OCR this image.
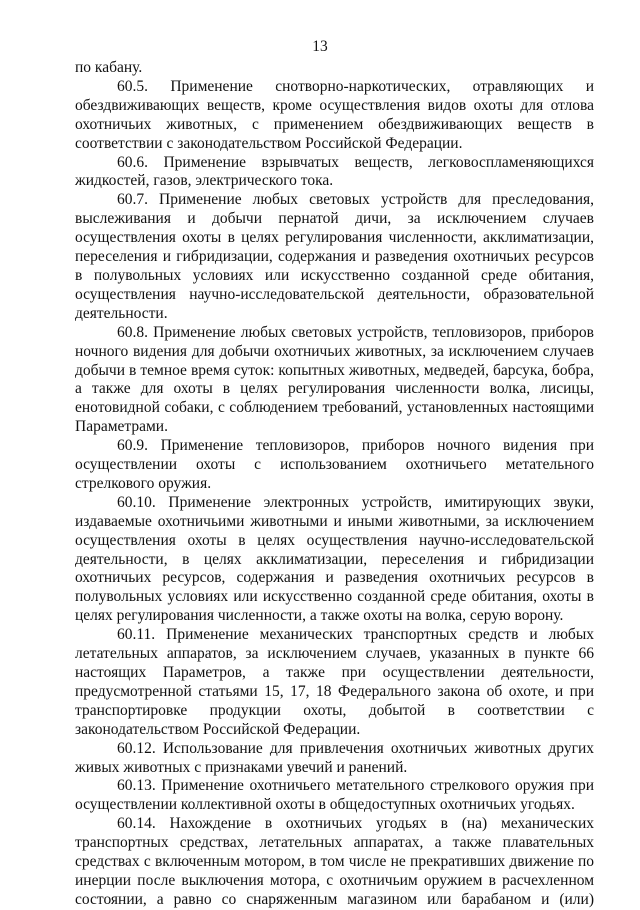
13

по кабану.

60.5. Применение снотворно-наркотических, отравляющих и обездвиживающих веществ, кроме осуществления видов охоты для отлова охотничьих животных, с применением обездвиживающих веществ в соответствии с законодательством Российской Федерации.

60.6. Применение взрывчатых веществ, легковоспламеняющихся жидкостей, газов, электрического тока.

60.7. Применение любых световых устройств для преследования, выслеживания и добычи пернатой дичи, за исключением случаев осуществления охоты в целях регулирования численности, акклиматизации, переселения и гибридизации, содержания и разведения охотничьих ресурсов в полувольных условиях или искусственно созданной среде обитания, осуществления научно-исследовательской деятельности, образовательной деятельности.

60.8. Применение любых световых устройств, тепловизоров, приборов ночного видения для добычи охотничьих животных, за исключением случаев добычи в темное время суток: копытных животных, медведей, барсука, бобра, а также для охоты в целях регулирования численности волка, лисицы, енотовидной собаки, с соблюдением требований, установленных настоящими Параметрами.

60.9. Применение тепловизоров, приборов ночного видения при осуществлении охоты с использованием охотничьего метательного стрелкового оружия.

60.10. Применение электронных устройств, имитирующих звуки, издаваемые охотничьими животными и иными животными, за исключением осуществления охоты в целях осуществления научно-исследовательской деятельности, в целях акклиматизации, переселения и гибридизации охотничьих ресурсов, содержания и разведения охотничьих ресурсов в полувольных условиях или искусственно созданной среде обитания, охоты в целях регулирования численности, а также охоты на волка, серую ворону.

60.11. Применение механических транспортных средств и любых летательных аппаратов, за исключением случаев, указанных в пункте 66 настоящих Параметров, а также при осуществлении деятельности, предусмотренной статьями 15, 17, 18 Федерального закона об охоте, и при транспортировке продукции охоты, добытой в соответствии с законодательством Российской Федерации.

60.12. Использование для привлечения охотничьих животных других живых животных с признаками увечий и ранений.

60.13. Применение охотничьего метательного стрелкового оружия при осуществлении коллективной охоты в общедоступных охотничьих угодьях.

60.14. Нахождение в охотничьих угодьях в (на) механических транспортных средствах, летательных аппаратах, а также плавательных средствах с включенным мотором, в том числе не прекративших движение по инерции после выключения мотора, с охотничьим оружием в расчехленном состоянии, а равно со снаряженным магазином или барабаном и (или)
